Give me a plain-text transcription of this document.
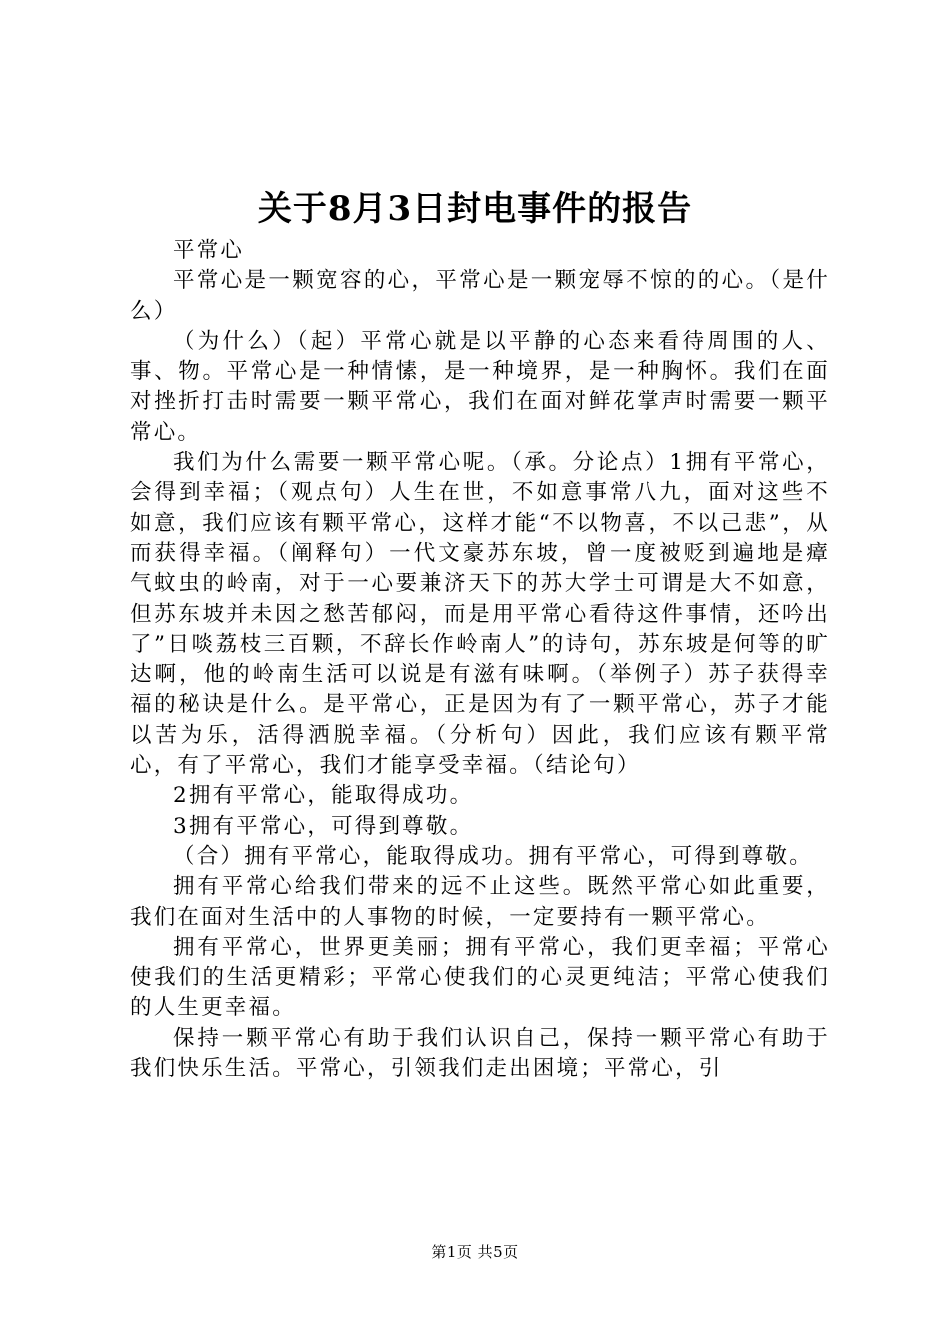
关于8月3日封电事件的报告

平常心

平常心是一颗宽容的心，平常心是一颗宠辱不惊的的心。（是什么）

（为什么）（起）平常心就是以平静的心态来看待周围的人、事、物。平常心是一种情愫，是一种境界，是一种胸怀。我们在面对挫折打击时需要一颗平常心，我们在面对鲜花掌声时需要一颗平常心。

我们为什么需要一颗平常心呢。（承。分论点）1拥有平常心，会得到幸福；（观点句）人生在世，不如意事常八九，面对这些不如意，我们应该有颗平常心，这样才能“不以物喜，不以己悲”，从而获得幸福。（阐释句）一代文豪苏东坡，曾一度被贬到遍地是瘴气蚊虫的岭南，对于一心要兼济天下的苏大学士可谓是大不如意，但苏东坡并未因之愁苦郁闷，而是用平常心看待这件事情，还吟出了”日啖荔枝三百颗，不辞长作岭南人”的诗句，苏东坡是何等的旷达啊，他的岭南生活可以说是有滋有味啊。（举例子）苏子获得幸福的秘诀是什么。是平常心，正是因为有了一颗平常心，苏子才能以苦为乐，活得洒脱幸福。（分析句）因此，我们应该有颗平常心，有了平常心，我们才能享受幸福。（结论句）

2拥有平常心，能取得成功。

3拥有平常心，可得到尊敬。

（合）拥有平常心，能取得成功。拥有平常心，可得到尊敬。

拥有平常心给我们带来的远不止这些。既然平常心如此重要，我们在面对生活中的人事物的时候，一定要持有一颗平常心。

拥有平常心，世界更美丽；拥有平常心，我们更幸福；平常心使我们的生活更精彩；平常心使我们的心灵更纯洁；平常心使我们的人生更幸福。

保持一颗平常心有助于我们认识自己，保持一颗平常心有助于我们快乐生活。平常心，引领我们走出困境；平常心，引

第1页 共5页
